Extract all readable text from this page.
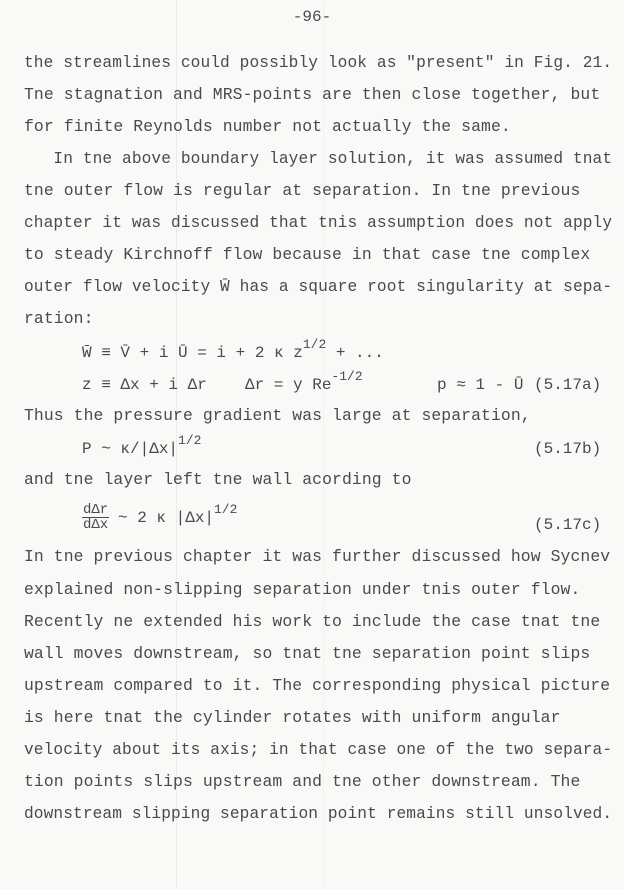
-96-
the streamlines could possibly look as "present" in Fig. 21.
Tne stagnation and MRS-points are then close together, but
for finite Reynolds number not actually the same.
In tne above boundary layer solution, it was assumed tnat
tne outer flow is regular at separation. In tne previous
chapter it was discussed that tnis assumption does not apply
to steady Kirchnoff flow because in that case tne complex
outer flow velocity W̄ has a square root singularity at sepa-
ration:
W̄ ≡ V̄ + i Ū = i + 2 κ $z^{1/2}$ + ...
z ≡ Δx + i Δr Δr = y $Re^{-1/2}$	p ≈ 1 - Ū (5.17a)
Thus the pressure gradient was large at separation,
P ~ $\kappa/|\Delta x|^{1/2}$	(5.17b)
and tne layer left tne wall acording to
dΔr
dΔx ~ 2 κ $|\Delta x|^{1/2}$
(5.17c)
In tne previous chapter it was further discussed how Sycnev
explained non-slipping separation under tnis outer flow.
Recently ne extended his work to include the case tnat tne
wall moves downstream, so tnat tne separation point slips
upstream compared to it. The corresponding physical picture
is here tnat the cylinder rotates with uniform angular
velocity about its axis; in that case one of the two separa-
tion points slips upstream and tne other downstream. The
downstream slipping separation point remains still unsolved.
